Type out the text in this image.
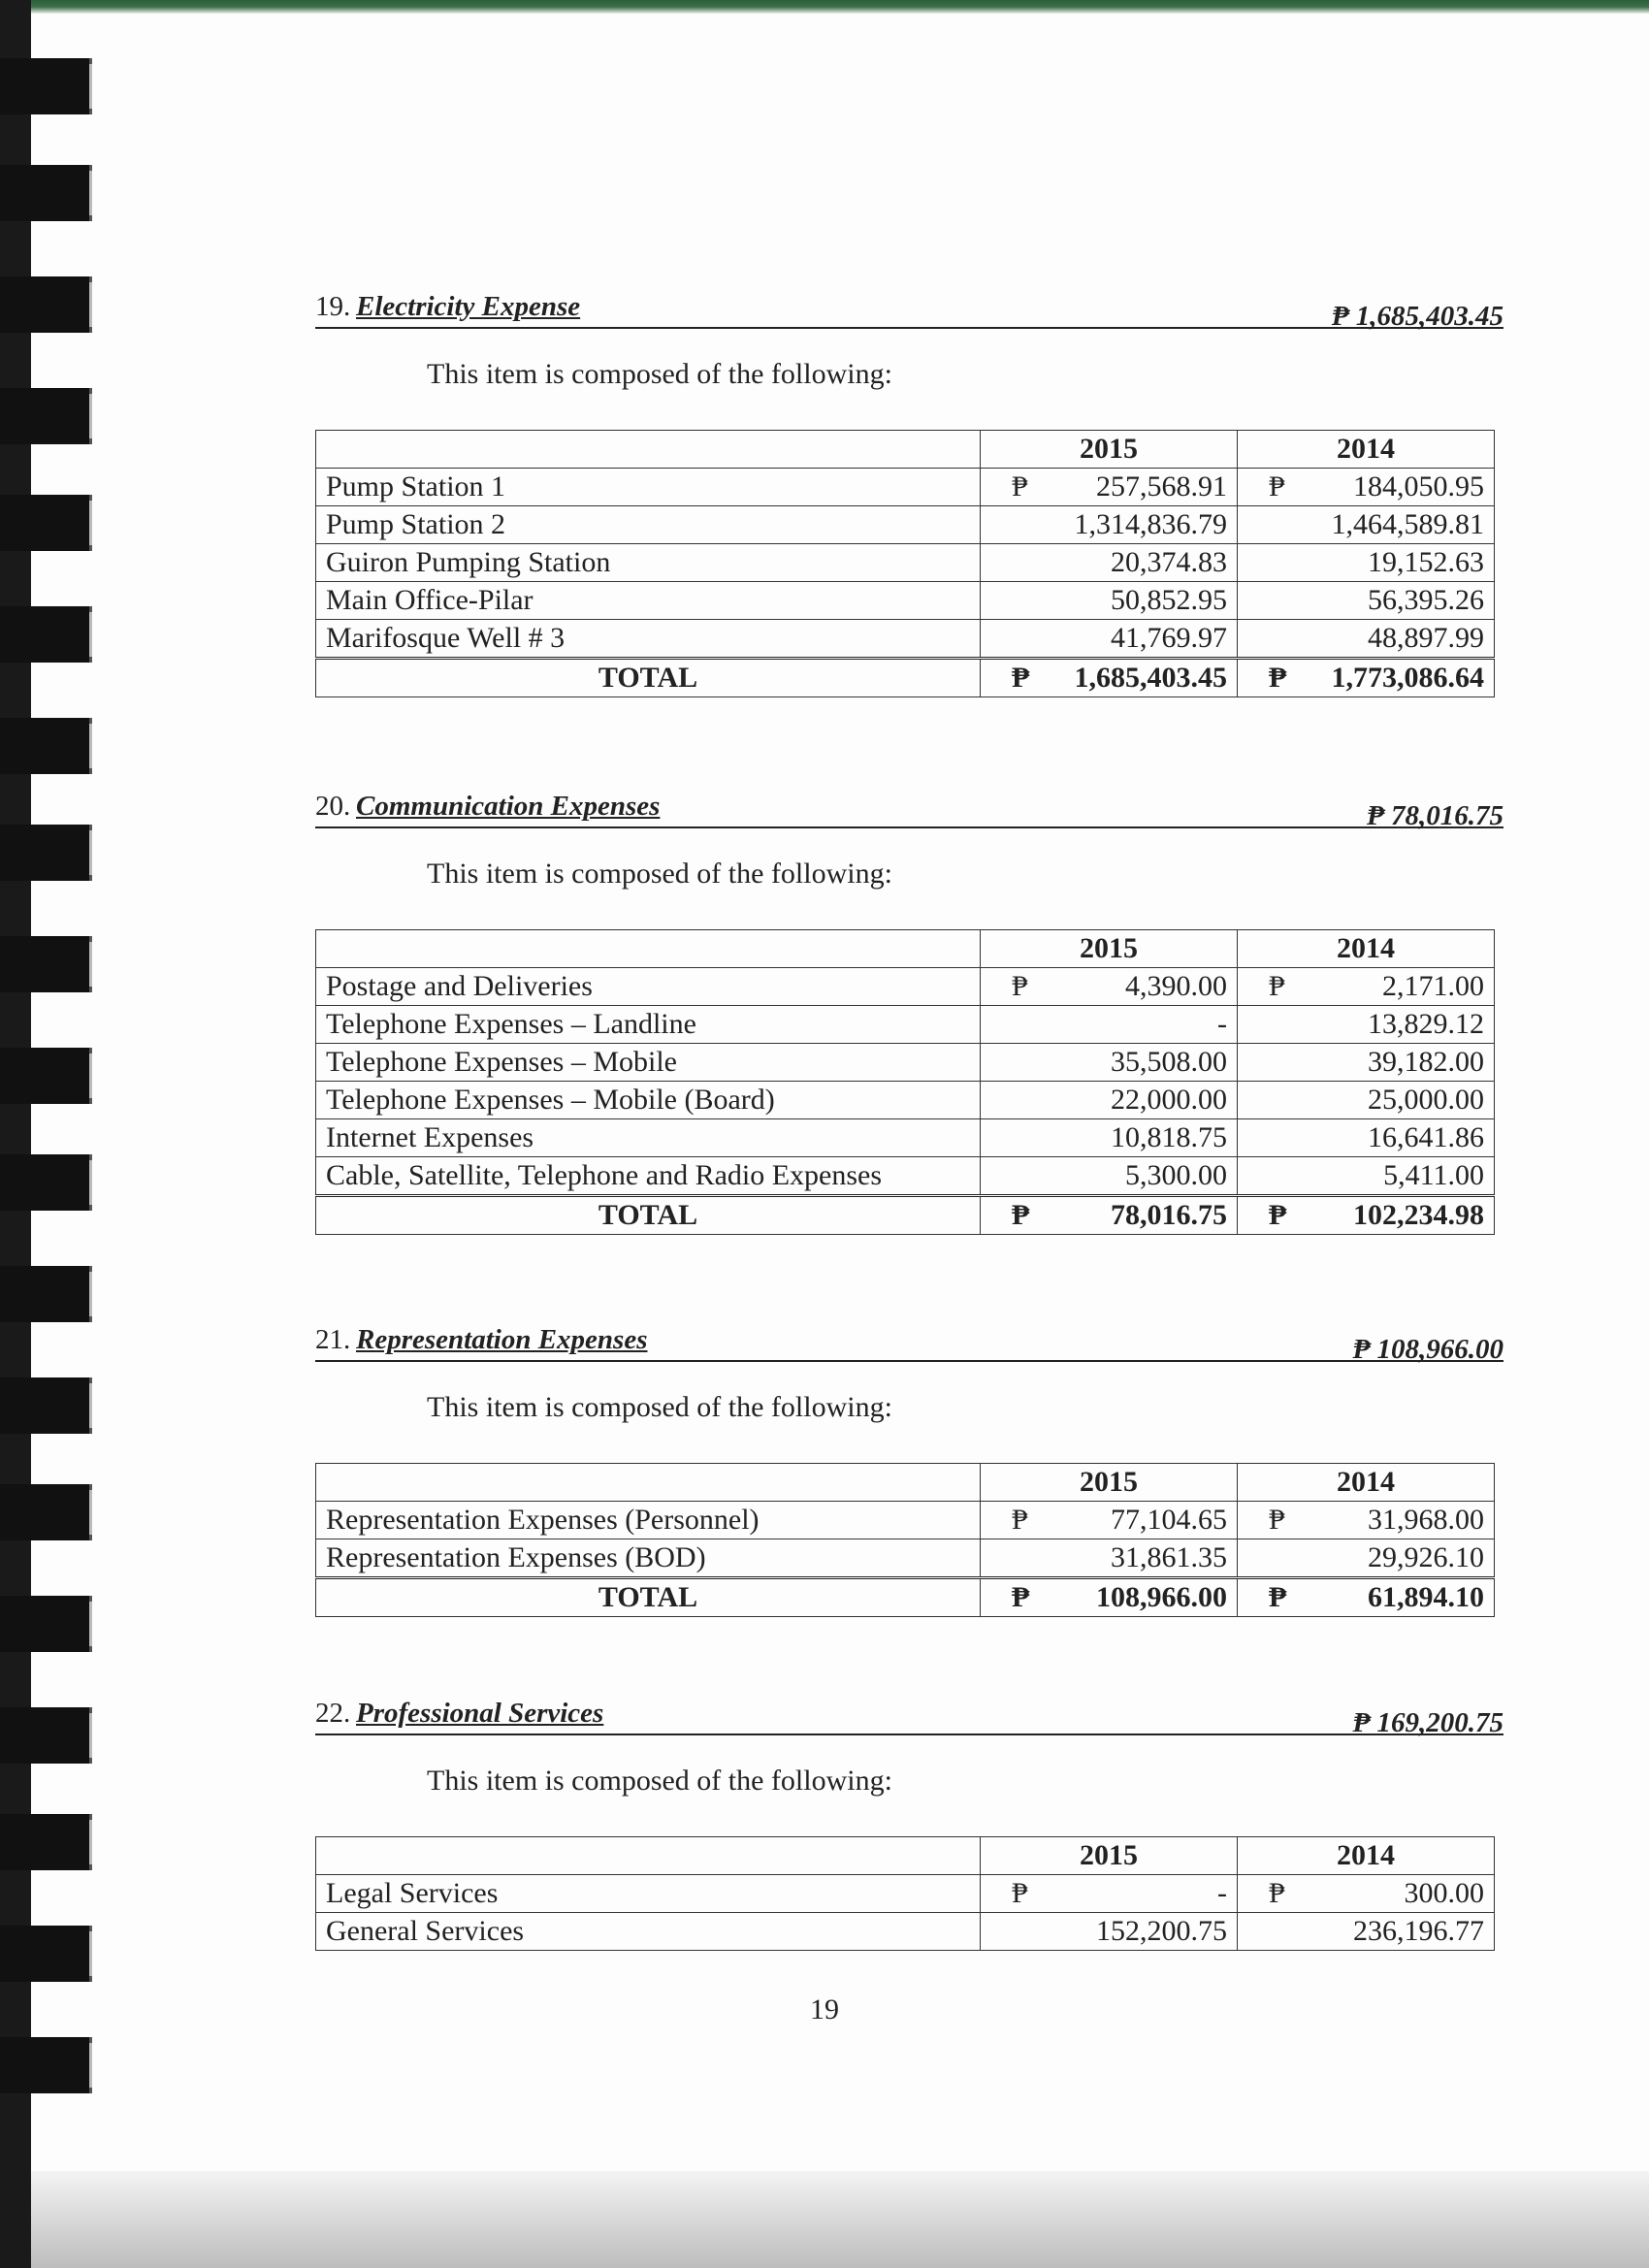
19. Electricity Expense	₱ 1,685,403.45
This item is composed of the following:
	2015	2014
Pump Station 1	₱ 257,568.91	₱ 184,050.95

Pump Station 2	1,314,836.79	1,464,589.81

Guiron Pumping Station	20,374.83	19,152.63

Main Office-Pilar	50,852.95	56,395.26

Marifosque Well # 3	41,769.97	48,897.99

TOTAL	₱ 1,685,403.45	₱ 1,773,086.64
20. Communication Expenses	₱ 78,016.75
This item is composed of the following:
	2015	2014
Postage and Deliveries	₱ 4,390.00	₱ 2,171.00

Telephone Expenses – Landline	-	13,829.12

Telephone Expenses – Mobile	35,508.00	39,182.00

Telephone Expenses – Mobile (Board)	22,000.00	25,000.00

Internet Expenses	10,818.75	16,641.86

Cable, Satellite, Telephone and Radio Expenses	5,300.00	5,411.00

TOTAL	₱ 78,016.75	₱ 102,234.98
21. Representation Expenses	₱ 108,966.00
This item is composed of the following:
	2015	2014
Representation Expenses (Personnel)	₱ 77,104.65	₱ 31,968.00

Representation Expenses (BOD)	31,861.35	29,926.10

TOTAL	₱ 108,966.00	₱ 61,894.10
22. Professional Services	₱ 169,200.75
This item is composed of the following:
	2015	2014
Legal Services	₱ -	₱ 300.00

General Services	152,200.75	236,196.77
19
